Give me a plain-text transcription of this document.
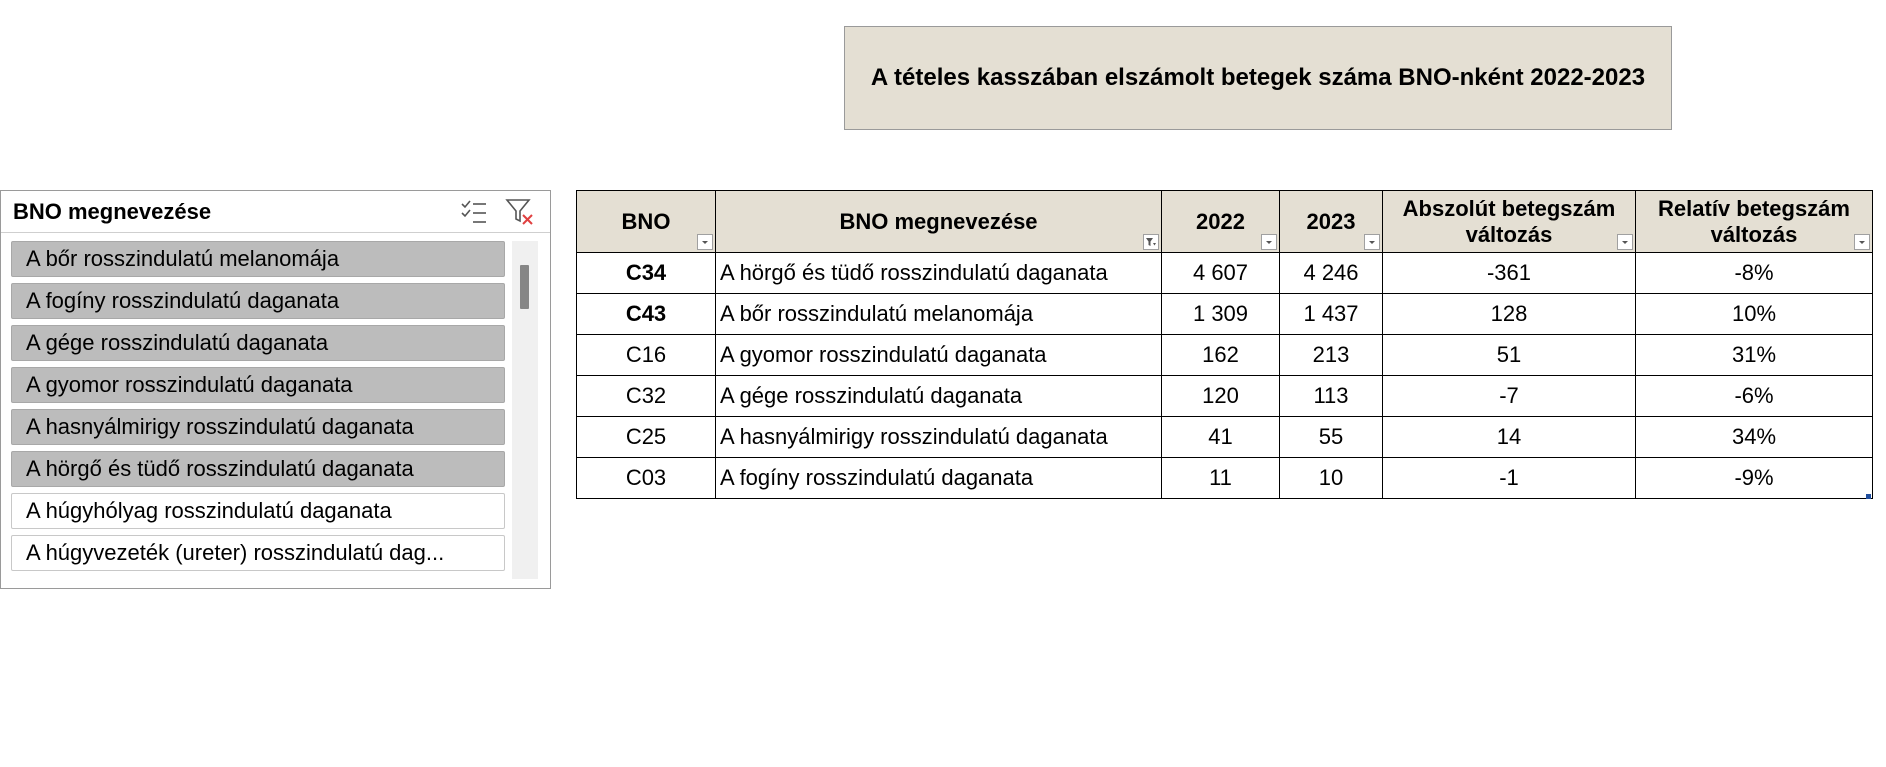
A tételes kasszában elszámolt betegek száma BNO-nként 2022-2023
BNO megnevezése
A bőr rosszindulatú melanomája
A fogíny rosszindulatú daganata
A gége rosszindulatú daganata
A gyomor rosszindulatú daganata
A hasnyálmirigy rosszindulatú daganata
A hörgő és tüdő rosszindulatú daganata
A húgyhólyag rosszindulatú daganata
A húgyvezeték (ureter) rosszindulatú dag...
BNO	BNO megnevezése	2022	2023	Abszolút betegszám változás	Relatív betegszám változás

C34	A hörgő és tüdő rosszindulatú daganata	4 607	4 246	-361	-8%
C43	A bőr rosszindulatú melanomája	1 309	1 437	128	10%
C16	A gyomor rosszindulatú daganata	162	213	51	31%
C32	A gége rosszindulatú daganata	120	113	-7	-6%
C25	A hasnyálmirigy rosszindulatú daganata	41	55	14	34%
C03	A fogíny rosszindulatú daganata	11	10	-1	-9%
